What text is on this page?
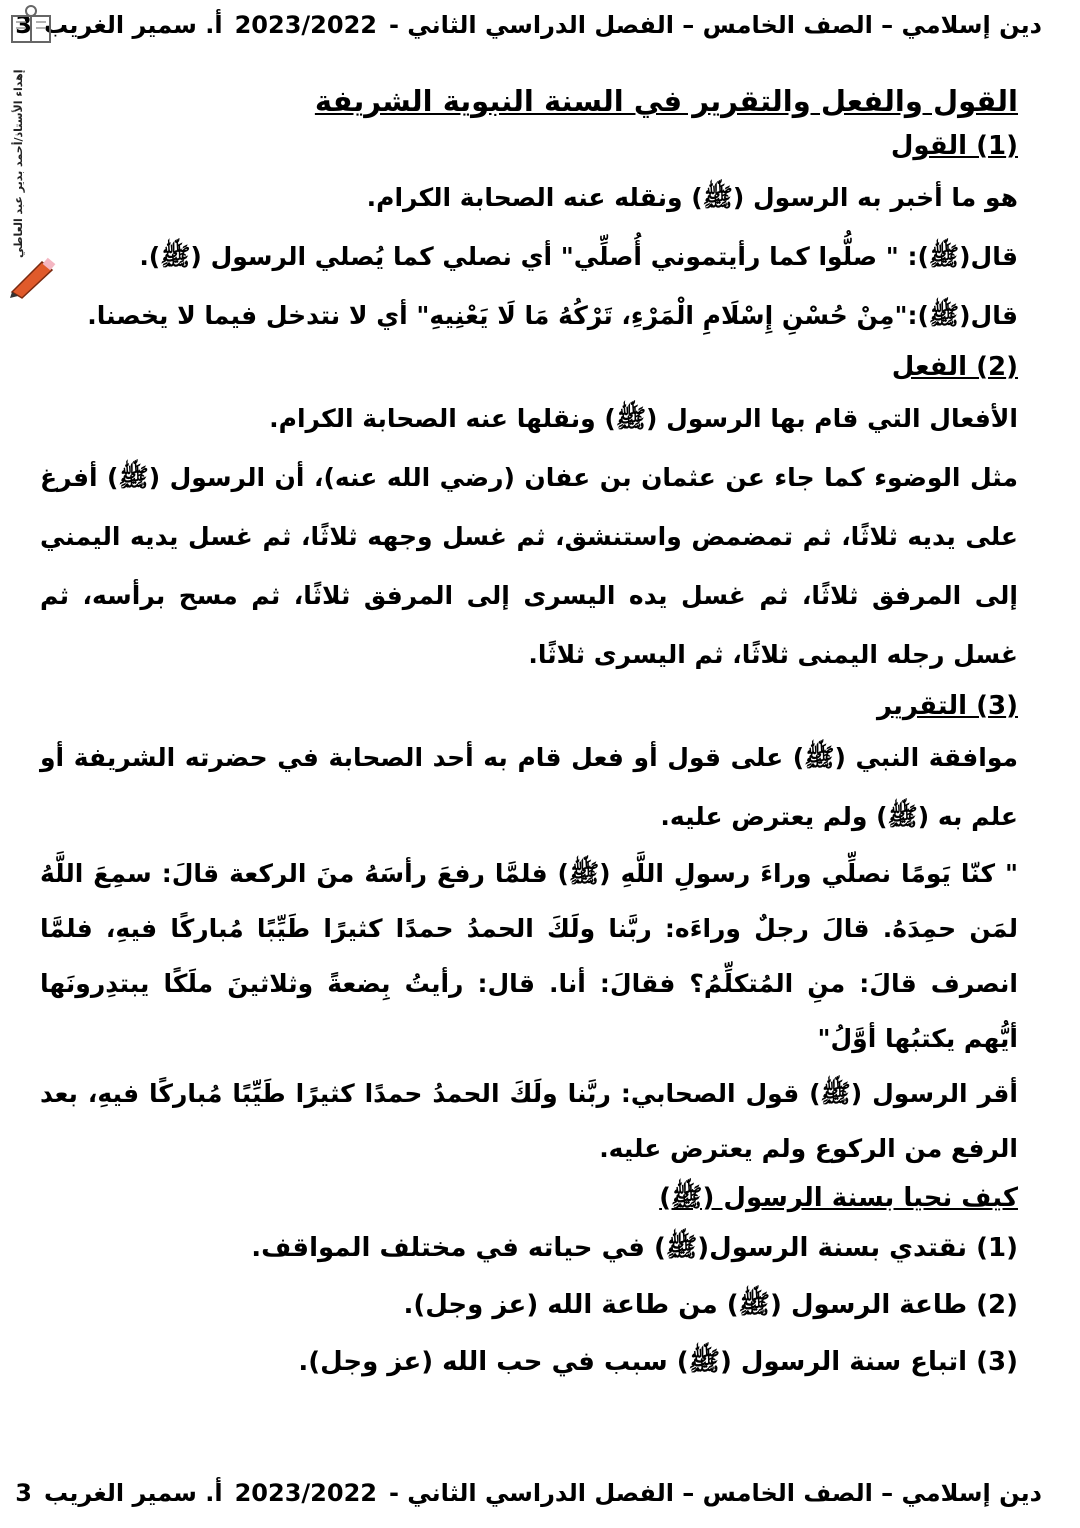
دين إسلامي – الصف الخامس – الفصل الدراسي الثاني -2023/2022أ. سمير الغريب3
إهداء الأستاذ/أحمد بدير عبد العاطي	القول والفعل والتقرير في السنة النبوية الشريفة
(1) القول

هو ما أخبر به الرسول (ﷺ) ونقله عنه الصحابة الكرام.

قال(ﷺ): " صلُّوا كما رأيتموني أُصلِّي" أي نصلي كما يُصلي الرسول (ﷺ).

قال(ﷺ):"مِنْ حُسْنِ إِسْلَامِ الْمَرْءِ، تَرْكُهُ مَا لَا يَعْنِيهِ" أي لا نتدخل فيما لا يخصنا.

(2) الفعل

الأفعال التي قام بها الرسول (ﷺ) ونقلها عنه الصحابة الكرام.

مثل الوضوء كما جاء عن عثمان بن عفان (رضي الله عنه)، أن الرسول (ﷺ) أفرغ على يديه ثلاثًا، ثم تمضمض واستنشق، ثم غسل وجهه ثلاثًا، ثم غسل يديه اليمني إلى المرفق ثلاثًا، ثم غسل يده اليسرى إلى المرفق ثلاثًا، ثم مسح برأسه، ثم غسل رجله اليمنى ثلاثًا، ثم اليسرى ثلاثًا.

(3) التقرير

موافقة النبي (ﷺ) على قول أو فعل قام به أحد الصحابة في حضرته الشريفة أو علم به (ﷺ) ولم يعترض عليه.

" كنّا يَومًا نصلِّي وراءَ رسولِ اللَّهِ (ﷺ) فلمَّا رفعَ رأسَهُ منَ الركعة قالَ: سمِعَ اللَّهُ لمَن حمِدَهُ. قالَ رجلٌ وراءَه: ربَّنا ولَكَ الحمدُ حمدًا كثيرًا طَيِّبًا مُباركًا فيهِ، فلمَّا انصرف قالَ: منِ المُتكلِّمُ؟ فقالَ: أنا. قال: رأيتُ بِضعةً وثلاثينَ ملَكًا يبتدِرونَها أيُّهم يكتبُها أوَّلُ"

أقر الرسول (ﷺ) قول الصحابي: ربَّنا ولَكَ الحمدُ حمدًا كثيرًا طَيِّبًا مُباركًا فيهِ، بعد الرفع من الركوع ولم يعترض عليه.

كيف نحيا بسنة الرسول (ﷺ)
(1) نقتدي بسنة الرسول(ﷺ) في حياته في مختلف المواقف.
(2) طاعة الرسول (ﷺ) من طاعة الله (عز وجل).
(3) اتباع سنة الرسول (ﷺ) سبب في حب الله (عز وجل).
دين إسلامي – الصف الخامس – الفصل الدراسي الثاني -2023/2022أ. سمير الغريب3
